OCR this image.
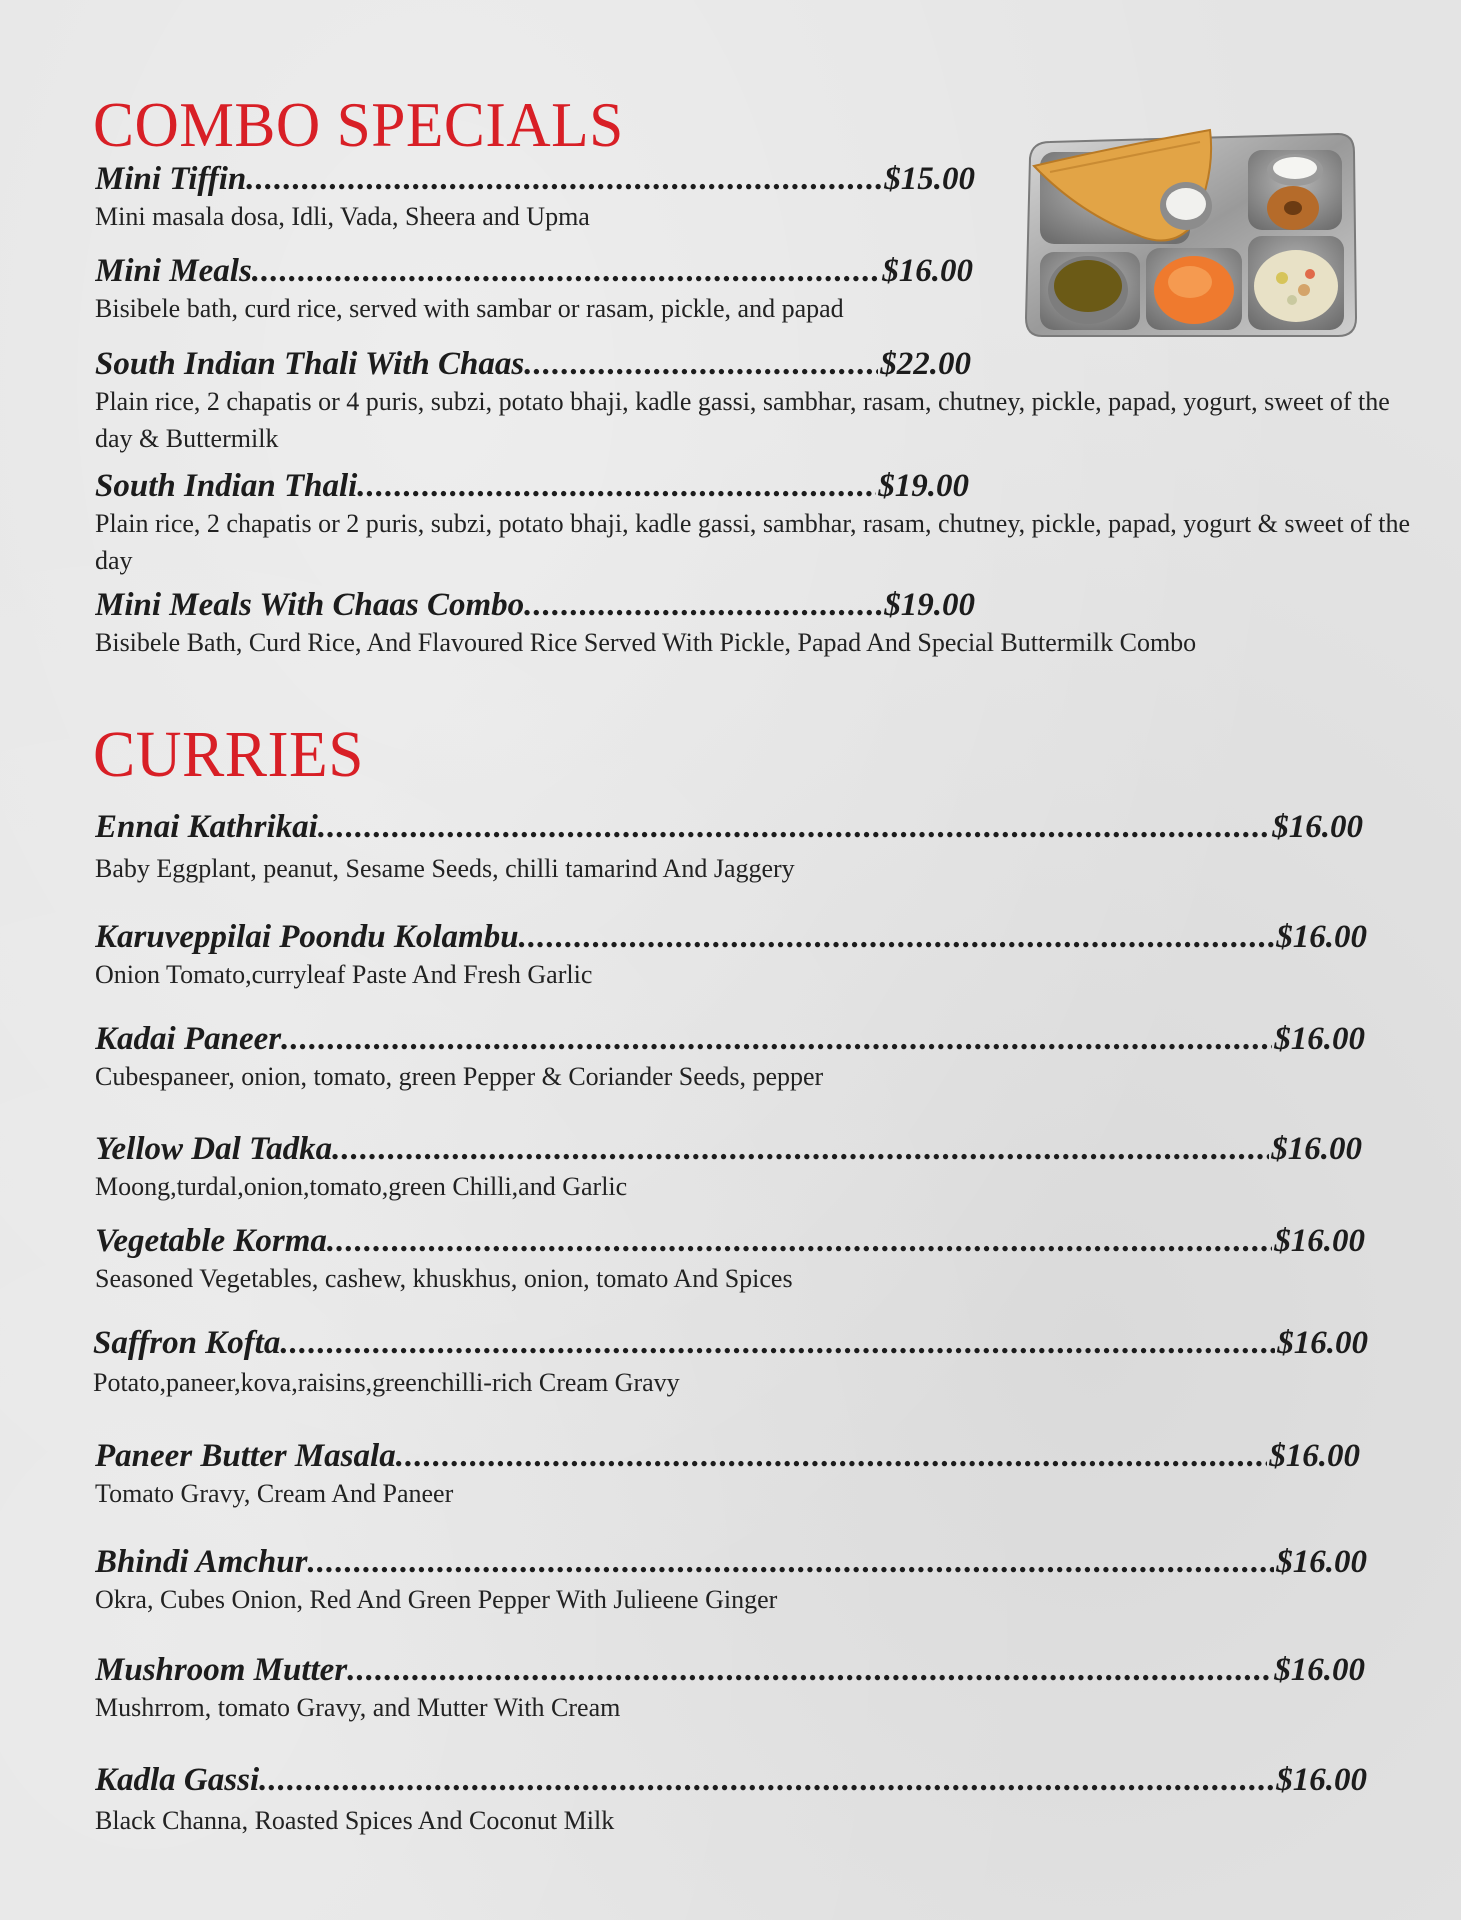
COMBO SPECIALS
Mini Tiffin .....	$15.00
Mini masala dosa, Idli, Vada, Sheera and Upma
Mini Meals .....	$16.00
Bisibele bath, curd rice, served with sambar or rasam, pickle, and papad
South Indian Thali With Chaas .....	$22.00
Plain rice, 2 chapatis or 4 puris, subzi, potato bhaji, kadle gassi, sambhar, rasam, chutney, pickle, papad, yogurt, sweet of the day & Buttermilk
South Indian Thali .....	$19.00
Plain rice, 2 chapatis or 2 puris, subzi, potato bhaji, kadle gassi, sambhar, rasam, chutney, pickle, papad, yogurt & sweet of the day
Mini Meals With Chaas Combo .....	$19.00
Bisibele Bath, Curd Rice, And Flavoured Rice Served With Pickle, Papad And Special Buttermilk Combo
CURRIES
Ennai Kathrikai .....	$16.00
Baby Eggplant, peanut, Sesame Seeds, chilli tamarind And Jaggery
Karuveppilai Poondu Kolambu .....	$16.00
Onion Tomato,curryleaf Paste And Fresh Garlic
Kadai Paneer .....	$16.00
Cubespaneer, onion, tomato, green Pepper & Coriander Seeds, pepper
Yellow Dal Tadka .....	$16.00
Moong,turdal,onion,tomato,green Chilli,and Garlic
Vegetable Korma .....	$16.00
Seasoned Vegetables, cashew, khuskhus, onion, tomato And Spices
Saffron Kofta .....	$16.00
Potato,paneer,kova,raisins,greenchilli-rich Cream Gravy
Paneer Butter Masala .....	$16.00
Tomato Gravy, Cream And Paneer
Bhindi Amchur .....	$16.00
Okra, Cubes Onion, Red And Green Pepper With Julieene Ginger
Mushroom Mutter .....	$16.00
Mushrrom, tomato Gravy, and Mutter With Cream
Kadla Gassi .....	$16.00
Black Channa, Roasted Spices And Coconut Milk
